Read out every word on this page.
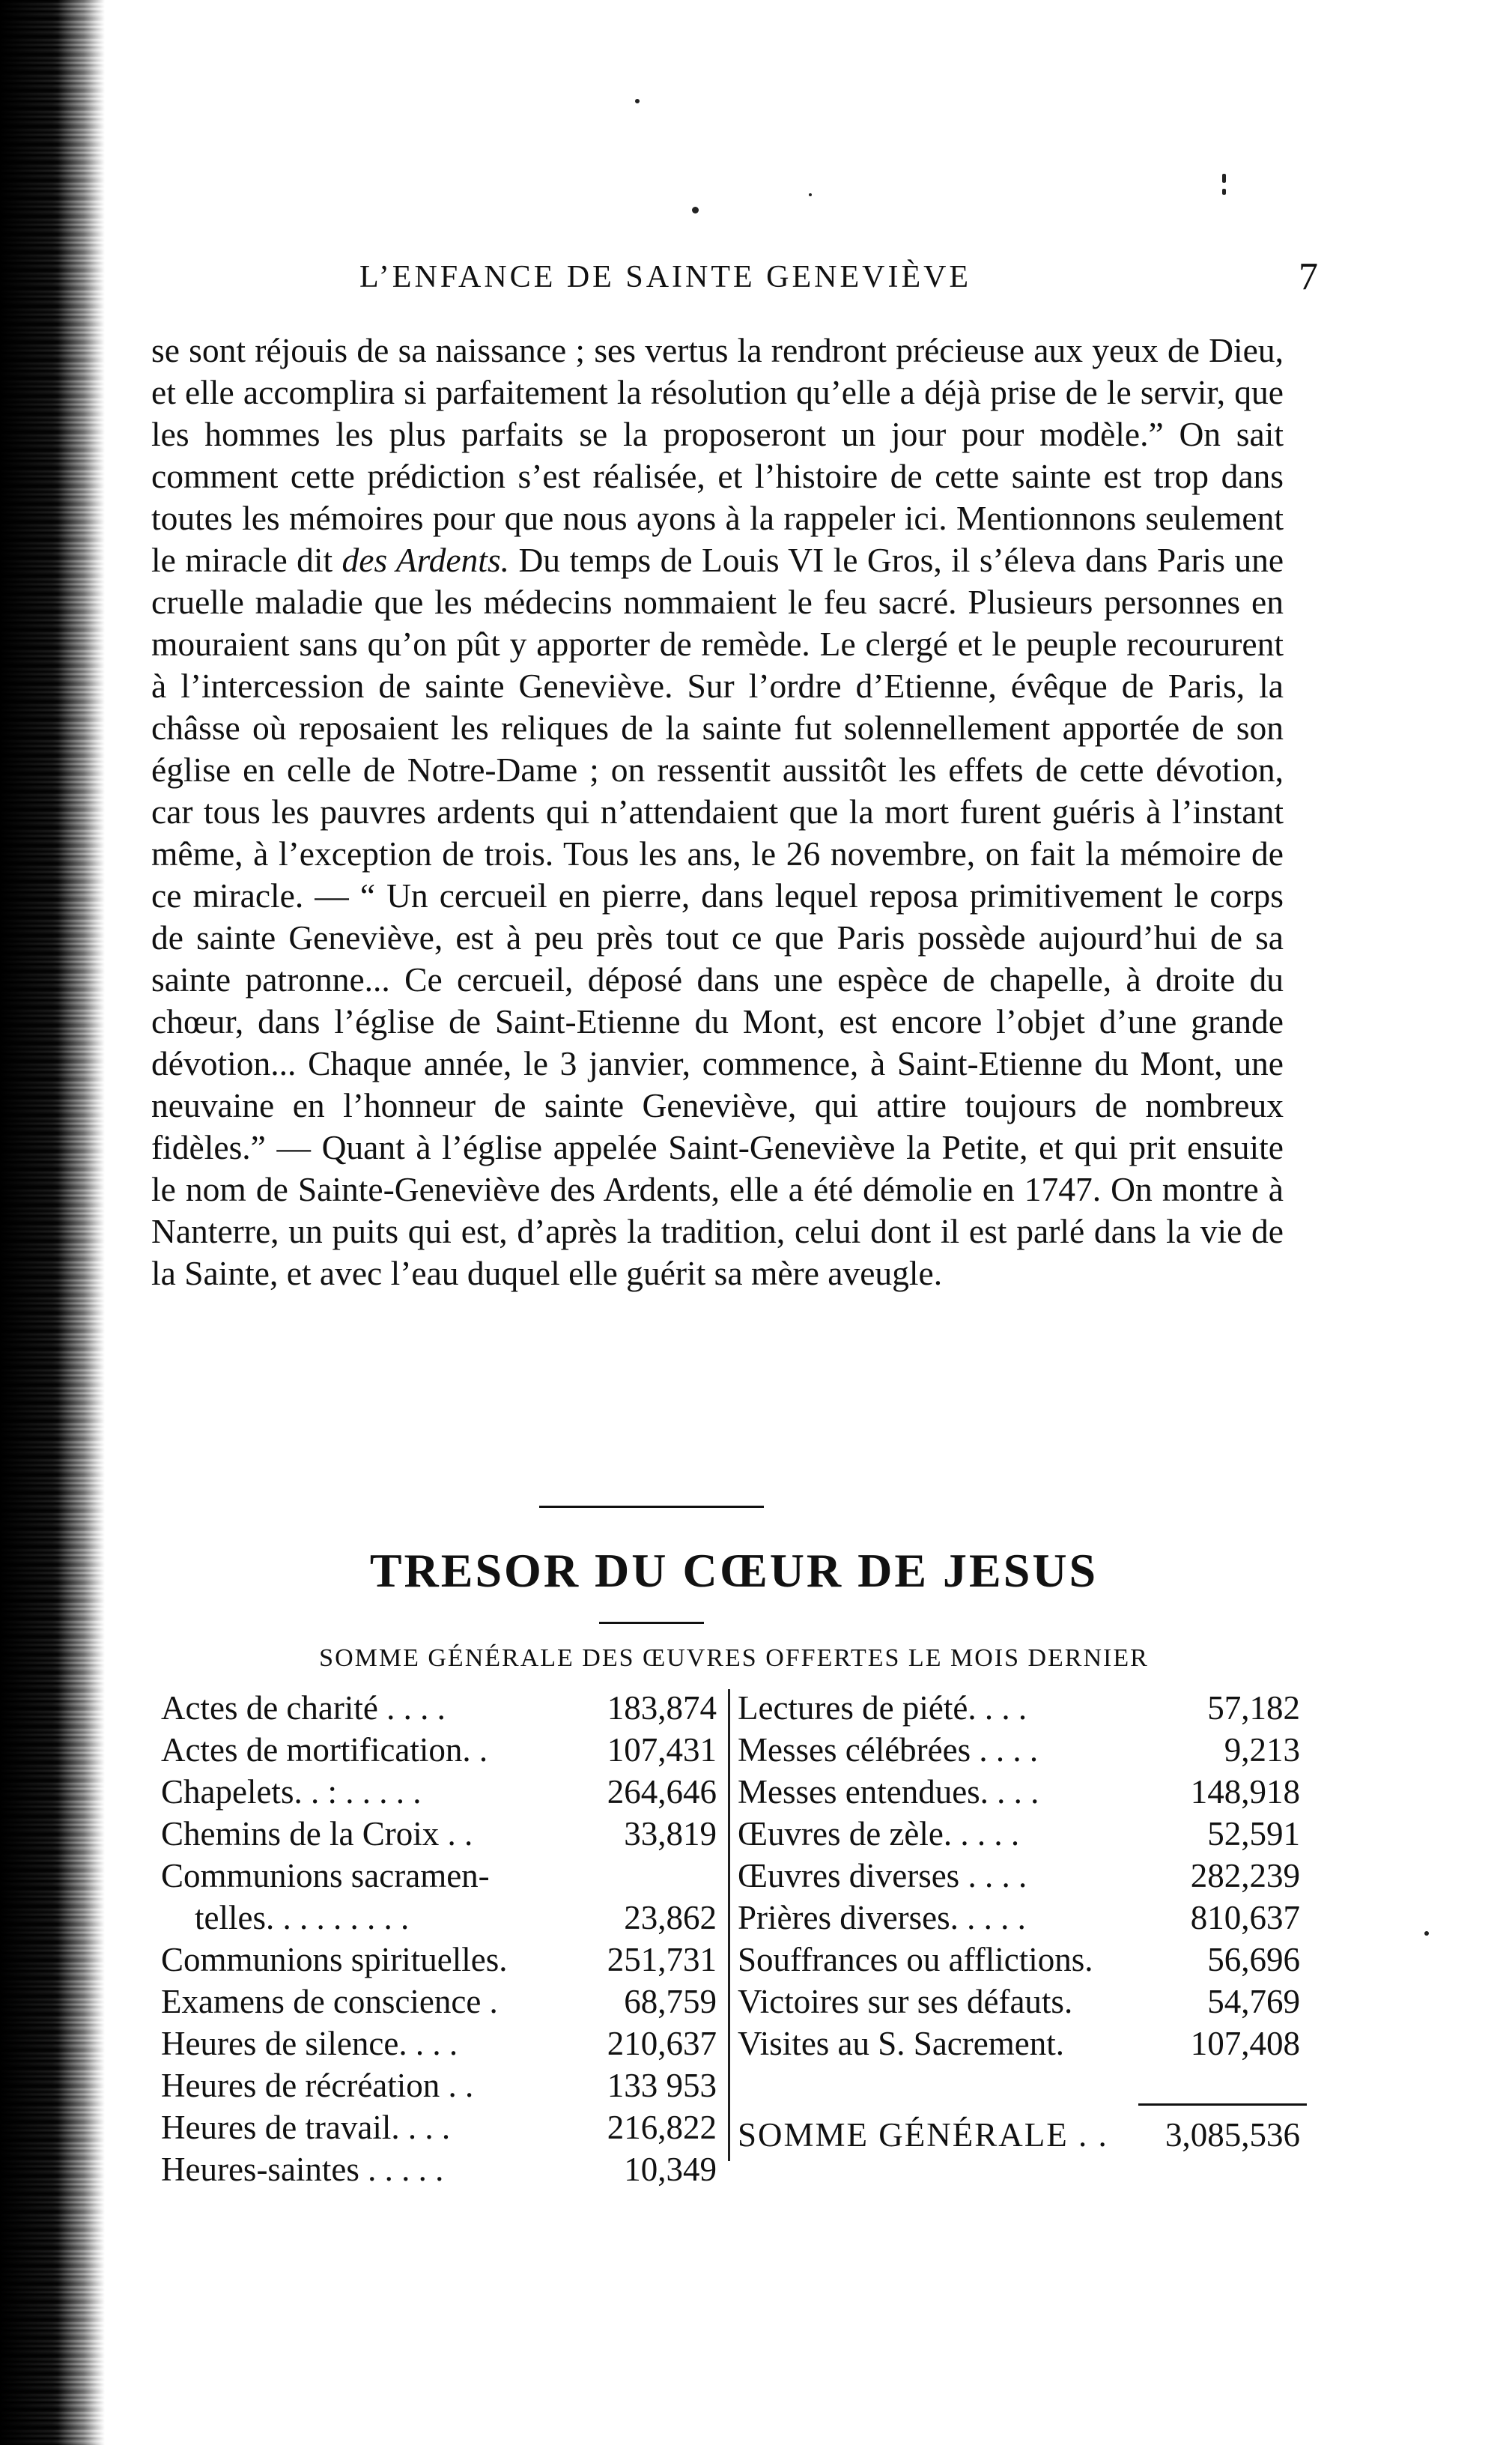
L’ENFANCE DE SAINTE GENEVIÈVE	7
se sont réjouis de sa naissance ; ses vertus la rendront précieuse aux yeux de Dieu, et elle accomplira si parfaitement la résolution qu’elle a déjà prise de le servir, que les hommes les plus parfaits se la proposeront un jour pour modèle.” On sait comment cette prédiction s’est réalisée, et l’histoire de cette sainte est trop dans toutes les mémoires pour que nous ayons à la rappeler ici. Mentionnons seulement le miracle dit des Ardents. Du temps de Louis VI le Gros, il s’éleva dans Paris une cruelle maladie que les médecins nommaient le feu sacré. Plusieurs personnes en mouraient sans qu’on pût y apporter de remède. Le clergé et le peuple recoururent à l’intercession de sainte Geneviève. Sur l’ordre d’Etienne, évêque de Paris, la châsse où reposaient les reliques de la sainte fut solennellement apportée de son église en celle de Notre-Dame ; on ressentit aussitôt les effets de cette dévotion, car tous les pauvres ardents qui n’attendaient que la mort furent guéris à l’instant même, à l’exception de trois. Tous les ans, le 26 novembre, on fait la mémoire de ce miracle. — “ Un cercueil en pierre, dans lequel reposa primitivement le corps de sainte Geneviève, est à peu près tout ce que Paris possède aujourd’hui de sa sainte patronne... Ce cercueil, déposé dans une espèce de chapelle, à droite du chœur, dans l’église de Saint-Etienne du Mont, est encore l’objet d’une grande dévotion... Chaque année, le 3 janvier, commence, à Saint-Etienne du Mont, une neuvaine en l’honneur de sainte Geneviève, qui attire toujours de nombreux fidèles.” — Quant à l’église appelée Saint-Geneviève la Petite, et qui prit ensuite le nom de Sainte-Geneviève des Ardents, elle a été démolie en 1747. On montre à Nanterre, un puits qui est, d’après la tradition, celui dont il est parlé dans la vie de la Sainte, et avec l’eau duquel elle guérit sa mère aveugle.
TRESOR DU CŒUR DE JESUS
SOMME GÉNÉRALE DES ŒUVRES OFFERTES LE MOIS DERNIER
Actes de charité . . . .	183,874
Actes de mortification. .	107,431
Chapelets. . : . . . . .	264,646
Chemins de la Croix . .	33,819
Communions sacramen-
telles. . . . . . . . .	23,862
Communions spirituelles.	251,731
Examens de conscience .	68,759
Heures de silence. . . .	210,637
Heures de récréation . .	133 953
Heures de travail. . . .	216,822
Heures-saintes . . . . .	10,349
Lectures de piété. . . .	57,182
Messes célébrées . . . .	9,213
Messes entendues. . . .	148,918
Œuvres de zèle. . . . .	52,591
Œuvres diverses . . . .	282,239
Prières diverses. . . . .	810,637
Souffrances ou afflictions.	56,696
Victoires sur ses défauts.	54,769
Visites au S. Sacrement.	107,408
SOMME GÉNÉRALE . . 3,085,536
